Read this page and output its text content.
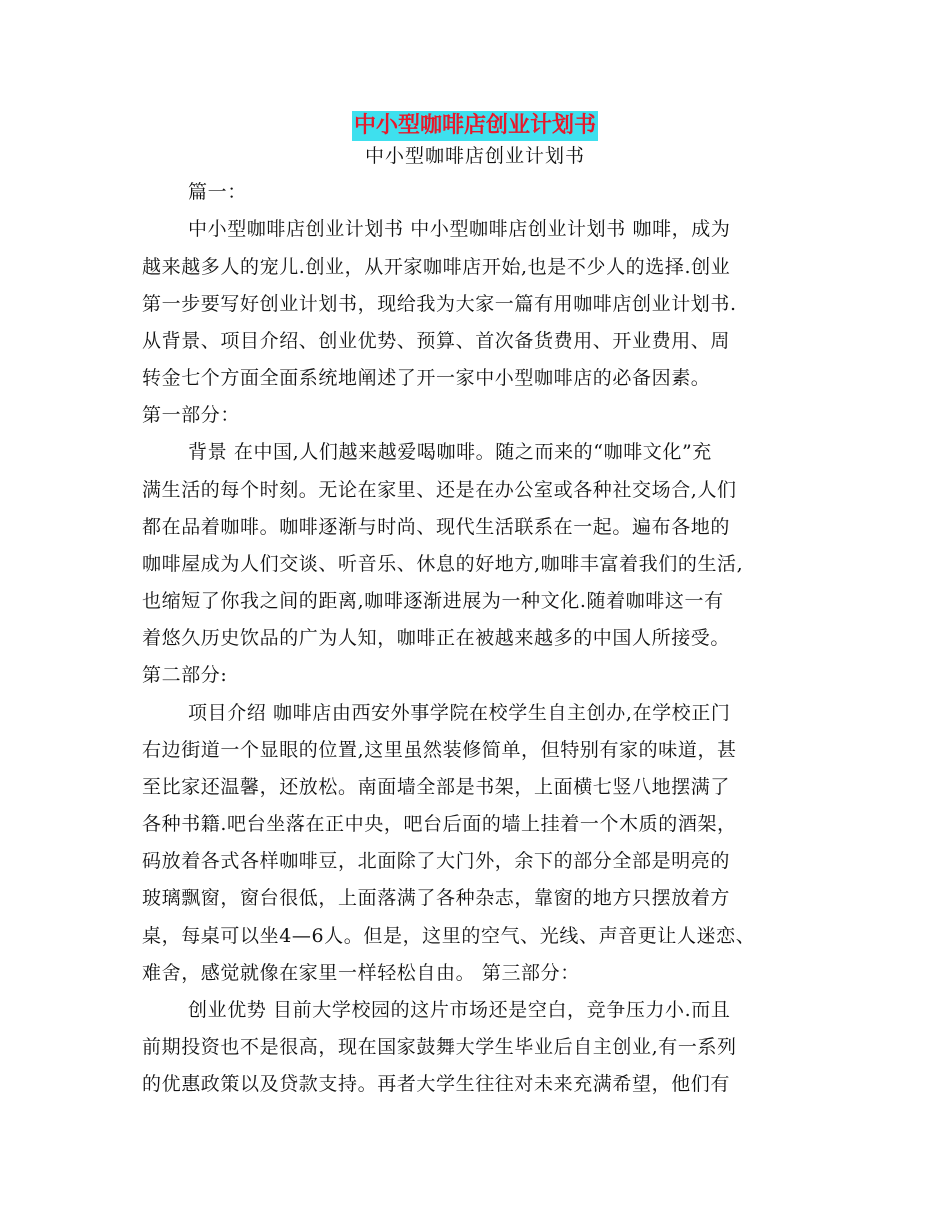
中小型咖啡店创业计划书
中小型咖啡店创业计划书
篇一：
中小型咖啡店创业计划书 中小型咖啡店创业计划书 咖啡，成为
越来越多人的宠儿.创业，从开家咖啡店开始,也是不少人的选择.创业
第一步要写好创业计划书，现给我为大家一篇有用咖啡店创业计划书.
从背景、项目介绍、创业优势、预算、首次备货费用、开业费用、周
转金七个方面全面系统地阐述了开一家中小型咖啡店的必备因素。
第一部分：
背景 在中国,人们越来越爱喝咖啡。随之而来的“咖啡文化”充
满生活的每个时刻。无论在家里、还是在办公室或各种社交场合,人们
都在品着咖啡。咖啡逐渐与时尚、现代生活联系在一起。遍布各地的
咖啡屋成为人们交谈、听音乐、休息的好地方,咖啡丰富着我们的生活,
也缩短了你我之间的距离,咖啡逐渐进展为一种文化.随着咖啡这一有
着悠久历史饮品的广为人知，咖啡正在被越来越多的中国人所接受。
第二部分:
项目介绍 咖啡店由西安外事学院在校学生自主创办,在学校正门
右边街道一个显眼的位置,这里虽然装修简单，但特别有家的味道，甚
至比家还温馨，还放松。南面墙全部是书架，上面横七竖八地摆满了
各种书籍.吧台坐落在正中央，吧台后面的墙上挂着一个木质的酒架，
码放着各式各样咖啡豆，北面除了大门外，余下的部分全部是明亮的
玻璃飘窗，窗台很低，上面落满了各种杂志，靠窗的地方只摆放着方
桌，每桌可以坐4—6人。但是，这里的空气、光线、声音更让人迷恋、
难舍，感觉就像在家里一样轻松自由。 第三部分：
创业优势 目前大学校园的这片市场还是空白，竞争压力小.而且
前期投资也不是很高，现在国家鼓舞大学生毕业后自主创业,有一系列
的优惠政策以及贷款支持。再者大学生往往对未来充满希望，他们有
